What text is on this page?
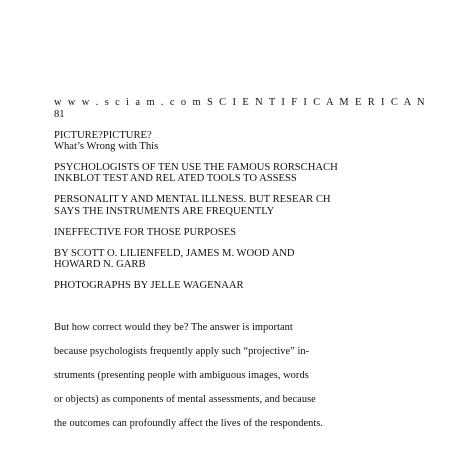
w w w . s c i a m . c o m S C I E N T I F I C A M E R I C A N
81
PICTURE?PICTURE?
What’s Wrong with This
PSYCHOLOGISTS OF TEN USE THE FAMOUS RORSCHACH
INKBLOT TEST AND REL ATED TOOLS TO ASSESS
PERSONALIT Y AND MENTAL ILLNESS. BUT RESEAR CH
SAYS THE INSTRUMENTS ARE FREQUENTLY
INEFFECTIVE FOR THOSE PURPOSES
BY SCOTT O. LILIENFELD, JAMES M. WOOD AND
HOWARD N. GARB
PHOTOGRAPHS BY JELLE WAGENAAR
But how correct would they be? The answer is important
because psychologists frequently apply such “projective” in-
struments (presenting people with ambiguous images, words
or objects) as components of mental assessments, and because
the outcomes can profoundly affect the lives of the respondents.
